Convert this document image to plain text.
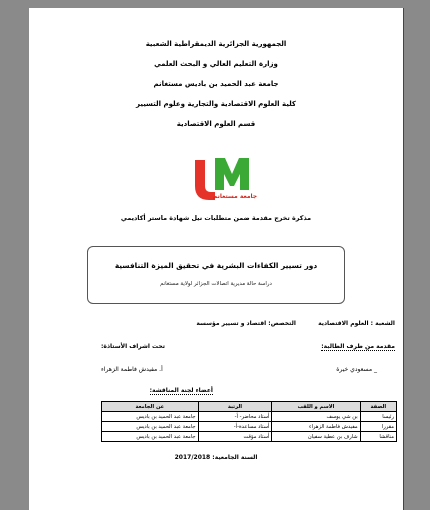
الجمهورية الجزائرية الديمقراطية الشعبية
وزارة التعليم العالي و البحث العلمي
جامعة عبد الحميد بن باديس مستغانم
كلية العلوم الاقتصادية والتجارية وعلوم التسيير
قسم العلوم الاقتصادية
جامعة مستغانم
مذكرة تخرج مقدمة ضمن متطلبات نيل شهادة ماستر أكاديمي
دور تسيير الكفاءات البشرية في تحقيق الميزة التنافسية
دراسة حالة مديرية اتصالات الجزائر لولاية مستغانم
الشعبة : العلوم الاقتصادية  التخصص: اقتصاد و تسيير مؤسسة
مقدمة من طرف الطالبة:
تحت اشراف الأستاذة:
_ مسعودي خيرة
أ. مفيدش فاطمة الزهراء
أعضاء لجنة المناقشة:
الصفة	الاسم و اللقب	الرتبة	عن الجامعة
رئيسا	بن شي يوسف	أستاذ محاضر- أ-	جامعة عبد الحميد بن باديس
مقررا	مفيدش فاطمة الزهراء	أستاذ مساعدة-أ-	جامعة عبد الحميد بن باديس
مناقشا	شارف بن عطية سفيان	أستاذ مؤقت	جامعة عبد الحميد بن باديس
السنة الجامعية: 2017/2018
